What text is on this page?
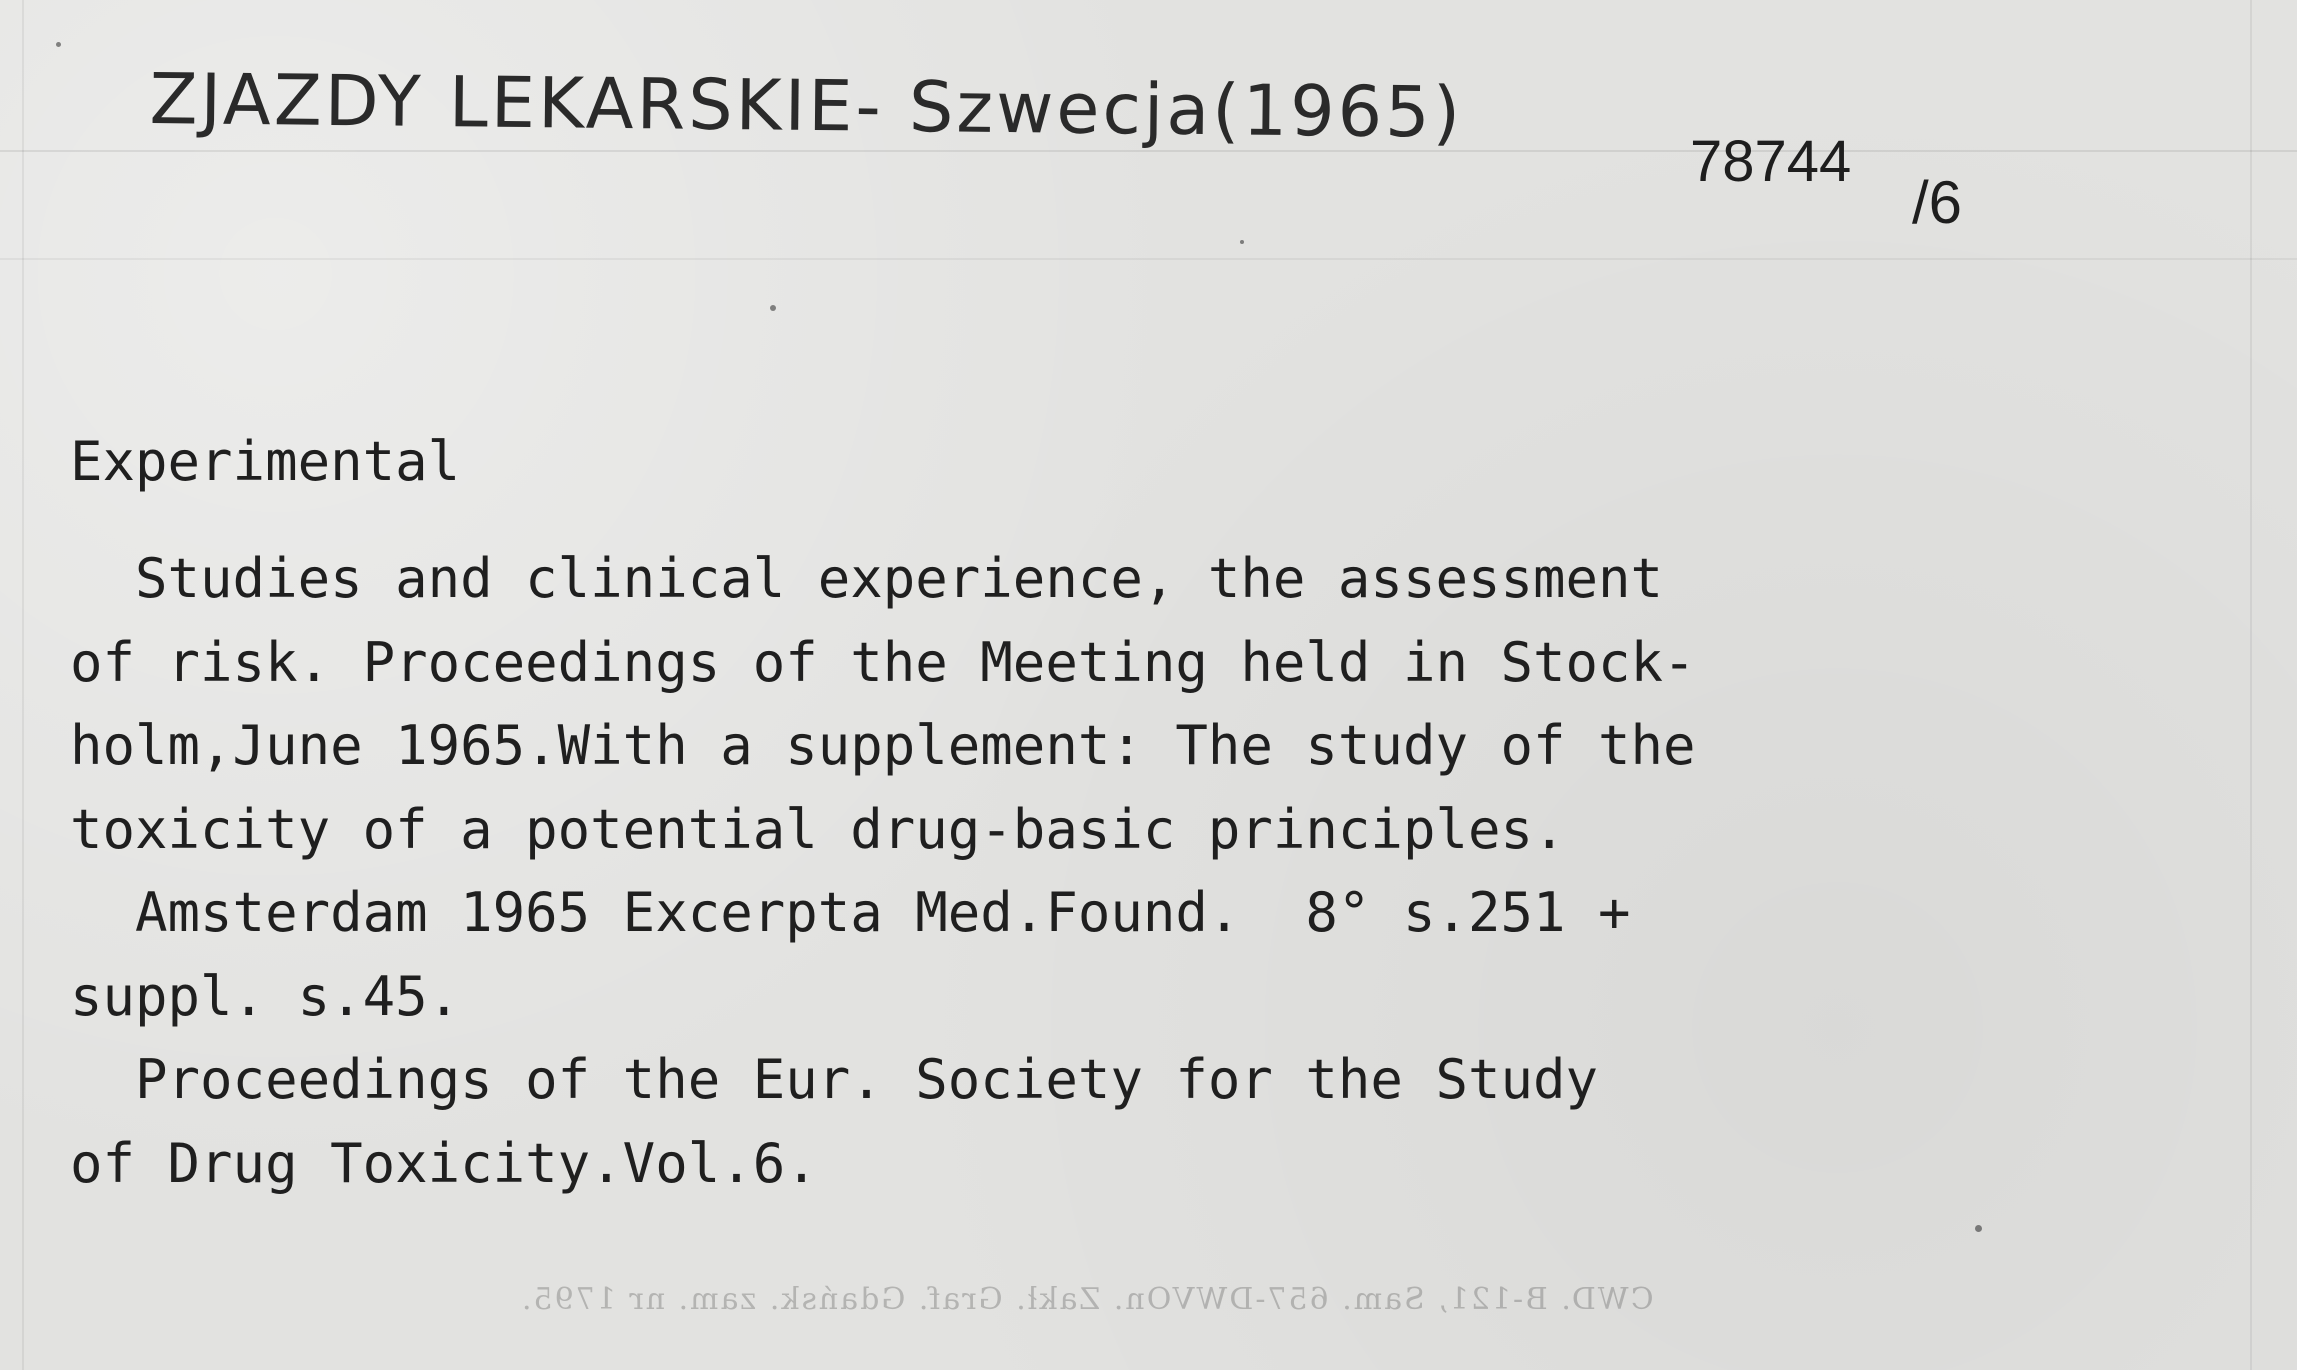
ZJAZDY LEKARSKIE- Szwecja(1965)
78744
/6
Experimental
Studies and clinical experience, the assessment
of risk. Proceedings of the Meeting held in Stock-
holm,June 1965.With a supplement: The study of the
toxicity of a potential drug-basic principles.
Amsterdam 1965 Excerpta Med.Found.  8° s.251 +
suppl. s.45.
Proceedings of the Eur. Society for the Study
of Drug Toxicity.Vol.6.
CWD. B-121, Sam. 657-DWVOn. Zakł. Graf. Gdańsk. zam. nr 1795.
